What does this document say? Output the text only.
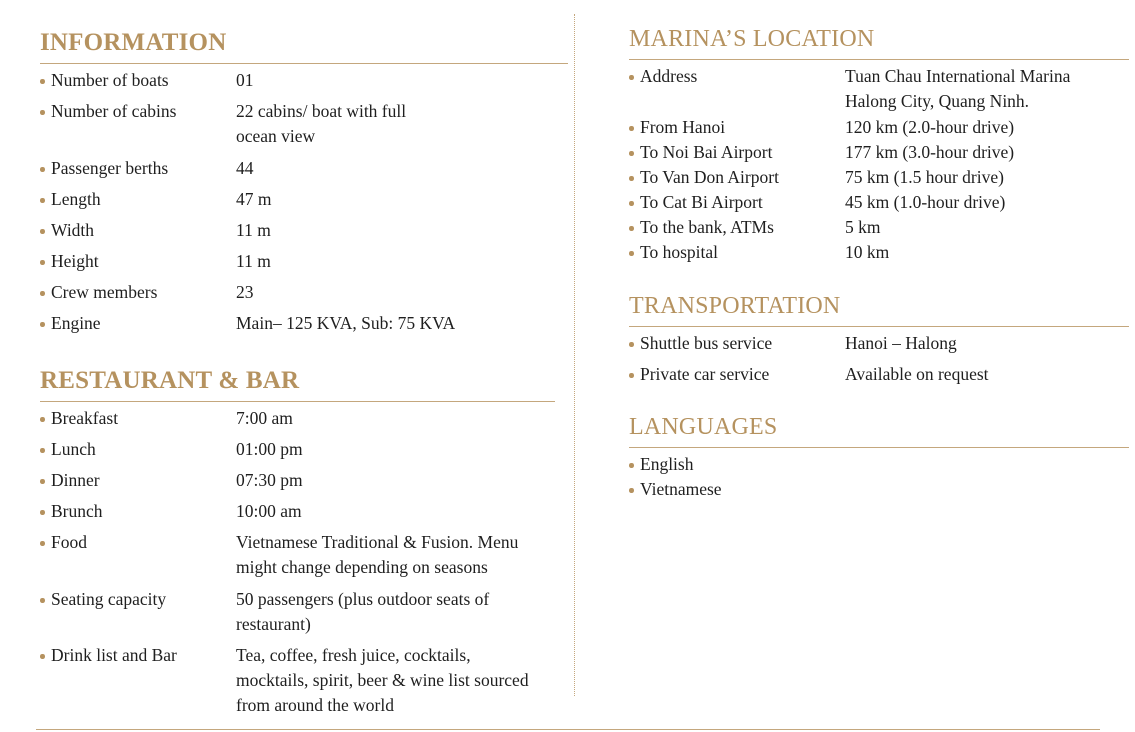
INFORMATION
Number of boats	01
Number of cabins	22 cabins/ boat with full
ocean view
Passenger berths	44
Length	47 m
Width	11 m
Height	11 m
Crew members	23
Engine	Main– 125 KVA, Sub: 75 KVA
RESTAURANT & BAR
Breakfast	7:00 am
Lunch	01:00 pm
Dinner	07:30 pm
Brunch	10:00 am
Food	Vietnamese Traditional & Fusion. Menu
might change depending on seasons
Seating capacity	50 passengers (plus outdoor seats of
restaurant)
Drink list and Bar	Tea, coffee, fresh juice, cocktails,
mocktails, spirit, beer & wine list sourced
from around the world
MARINA’S LOCATION
Address	Tuan Chau International Marina
Halong City, Quang Ninh.
From Hanoi	120 km (2.0-hour drive)
To Noi Bai Airport	177 km (3.0-hour drive)
To Van Don Airport	75 km (1.5 hour drive)
To Cat Bi Airport	45 km (1.0-hour drive)
To the bank, ATMs	5 km
To hospital	10 km
TRANSPORTATION
Shuttle bus service	Hanoi – Halong
Private car service	Available on request
LANGUAGES
English
Vietnamese
